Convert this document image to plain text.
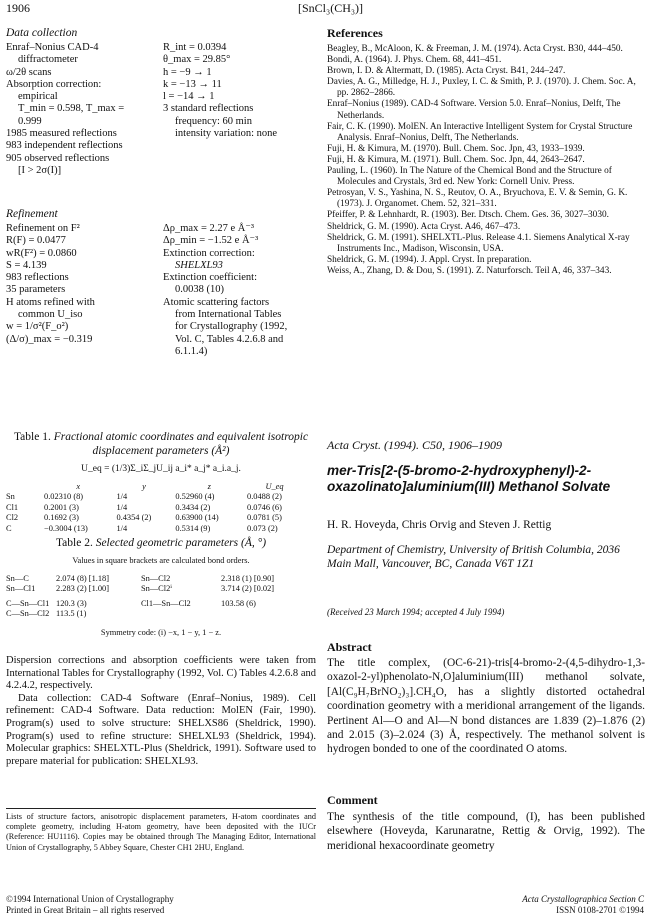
1906	[SnCl₃(CH₃)]
Data collection
Enraf–Nonius CAD-4
diffractometer
ω/2θ scans
Absorption correction:
empirical
T_min = 0.598, T_max =
0.999
1985 measured reflections
983 independent reflections
905 observed reflections
[I > 2σ(I)]
R_int = 0.0394
θ_max = 29.85°
h = −9 → 1
k = −13 → 11
l = −14 → 1
3 standard reflections
frequency: 60 min
intensity variation: none
Refinement
Refinement on F²
R(F) = 0.0477
wR(F²) = 0.0860
S = 4.139
983 reflections
35 parameters
H atoms refined with
common U_iso
w = 1/σ²(F_o²)
(Δ/σ)_max = −0.319
Δρ_max = 2.27 e Å⁻³
Δρ_min = −1.52 e Å⁻³
Extinction correction:
SHELXL93
Extinction coefficient:
0.0038 (10)
Atomic scattering factors
from International Tables
for Crystallography (1992,
Vol. C, Tables 4.2.6.8 and
6.1.1.4)
Table 1. Fractional atomic coordinates and equivalent isotropic displacement parameters (Å²)
U_eq = (1/3)Σ_iΣ_jU_ij a_i* a_j* a_i.a_j.
	x	y	z	U_eq
Sn	0.02310 (8)	1/4	0.52960 (4)	0.0488 (2)
Cl1	0.2001 (3)	1/4	0.3434 (2)	0.0746 (6)
Cl2	0.1692 (3)	0.4354 (2)	0.63900 (14)	0.0781 (5)
C	−0.3004 (13)	1/4	0.5314 (9)	0.073 (2)
Table 2. Selected geometric parameters (Å, °)
Values in square brackets are calculated bond orders.
Sn—C	2.074 (8) [1.18]	Sn—Cl2	2.318 (1) [0.90]
Sn—Cl1	2.283 (2) [1.00]	Sn—Cl2ⁱ	3.714 (2) [0.02]

C—Sn—Cl1	120.3 (3)	Cl1—Sn—Cl2	103.58 (6)
C—Sn—Cl2	113.5 (1)		
Symmetry code: (i) −x, 1 − y, 1 − z.

Dispersion corrections and absorption coefficients were taken from International Tables for Crystallography (1992, Vol. C) Tables 4.2.6.8 and 4.2.4.2, respectively.

Data collection: CAD-4 Software (Enraf–Nonius, 1989). Cell refinement: CAD-4 Software. Data reduction: MolEN (Fair, 1990). Program(s) used to solve structure: SHELXS86 (Sheldrick, 1990). Program(s) used to refine structure: SHELXL93 (Sheldrick, 1994). Molecular graphics: SHELXTL-Plus (Sheldrick, 1991). Software used to prepare material for publication: SHELXL93.

Lists of structure factors, anisotropic displacement parameters, H-atom coordinates and complete geometry, including H-atom geometry, have been deposited with the IUCr (Reference: HU1116). Copies may be obtained through The Managing Editor, International Union of Crystallography, 5 Abbey Square, Chester CH1 2HU, England.
©1994 International Union of Crystallography
Printed in Great Britain – all rights reserved
Acta Crystallographica Section C
ISSN 0108-2701 ©1994
References

Beagley, B., McAloon, K. & Freeman, J. M. (1974). Acta Cryst. B30, 444–450.

Bondi, A. (1964). J. Phys. Chem. 68, 441–451.

Brown, I. D. & Altermatt, D. (1985). Acta Cryst. B41, 244–247.

Davies, A. G., Milledge, H. J., Puxley, I. C. & Smith, P. J. (1970). J. Chem. Soc. A, pp. 2862–2866.

Enraf–Nonius (1989). CAD-4 Software. Version 5.0. Enraf–Nonius, Delft, The Netherlands.

Fair, C. K. (1990). MolEN. An Interactive Intelligent System for Crystal Structure Analysis. Enraf–Nonius, Delft, The Netherlands.

Fuji, H. & Kimura, M. (1970). Bull. Chem. Soc. Jpn, 43, 1933–1939.

Fuji, H. & Kimura, M. (1971). Bull. Chem. Soc. Jpn, 44, 2643–2647.

Pauling, L. (1960). In The Nature of the Chemical Bond and the Structure of Molecules and Crystals, 3rd ed. New York: Cornell Univ. Press.

Petrosyan, V. S., Yashina, N. S., Reutov, O. A., Bryuchova, E. V. & Semin, G. K. (1973). J. Organomet. Chem. 52, 321–331.

Pfeiffer, P. & Lehnhardt, R. (1903). Ber. Dtsch. Chem. Ges. 36, 3027–3030.

Sheldrick, G. M. (1990). Acta Cryst. A46, 467–473.

Sheldrick, G. M. (1991). SHELXTL-Plus. Release 4.1. Siemens Analytical X-ray Instruments Inc., Madison, Wisconsin, USA.

Sheldrick, G. M. (1994). J. Appl. Cryst. In preparation.

Weiss, A., Zhang, D. & Dou, S. (1991). Z. Naturforsch. Teil A, 46, 337–343.

Acta Cryst. (1994). C50, 1906–1909
mer-Tris[2-(5-bromo-2-hydroxyphenyl)-2-oxazolinato]aluminium(III) Methanol Solvate
H. R. Hoveyda, Chris Orvig and Steven J. Rettig
Department of Chemistry, University of British Columbia, 2036 Main Mall, Vancouver, BC, Canada V6T 1Z1
(Received 23 March 1994; accepted 4 July 1994)
Abstract
The title complex, (OC-6-21)-tris[4-bromo-2-(4,5-dihydro-1,3-oxazol-2-yl)phenolato-N,O]aluminium(III) methanol solvate, [Al(C₉H₇BrNO₂)₃].CH₄O, has a slightly distorted octahedral coordination geometry with a meridional arrangement of the ligands. Pertinent Al—O and Al—N bond distances are 1.839 (2)–1.876 (2) and 2.015 (3)–2.024 (3) Å, respectively. The methanol solvent is hydrogen bonded to one of the coordinated O atoms.
Comment
The synthesis of the title compound, (I), has been published elsewhere (Hoveyda, Karunaratne, Rettig & Orvig, 1992). The meridional hexacoordinate geometry
